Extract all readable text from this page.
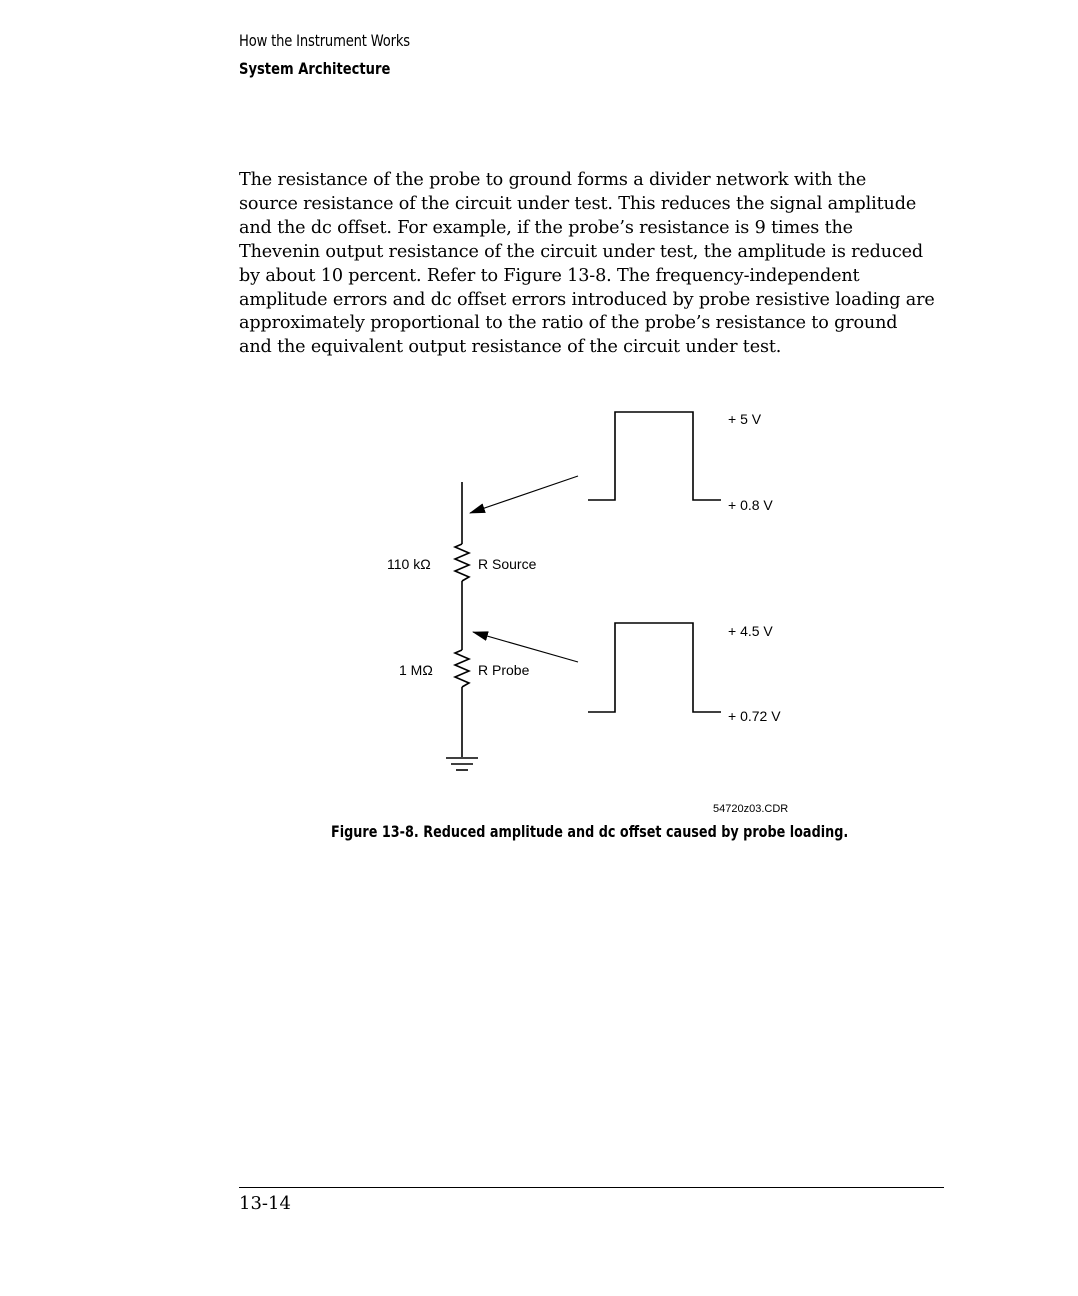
How the Instrument Works
System Architecture
The resistance of the probe to ground forms a divider network with the
source resistance of the circuit under test. This reduces the signal amplitude
and the dc offset. For example, if the probe’s resistance is 9 times the
Thevenin output resistance of the circuit under test, the amplitude is reduced
by about 10 percent. Refer to Figure 13-8. The frequency-independent
amplitude errors and dc offset errors introduced by probe resistive loading are
approximately proportional to the ratio of the probe’s resistance to ground
and the equivalent output resistance of the circuit under test.
+ 5 V
+ 0.8 V
+ 4.5 V
+ 0.72 V
110 kΩ	R Source
1 MΩ	R Probe
54720z03.CDR
Figure 13-8. Reduced amplitude and dc offset caused by probe loading.
13-14
